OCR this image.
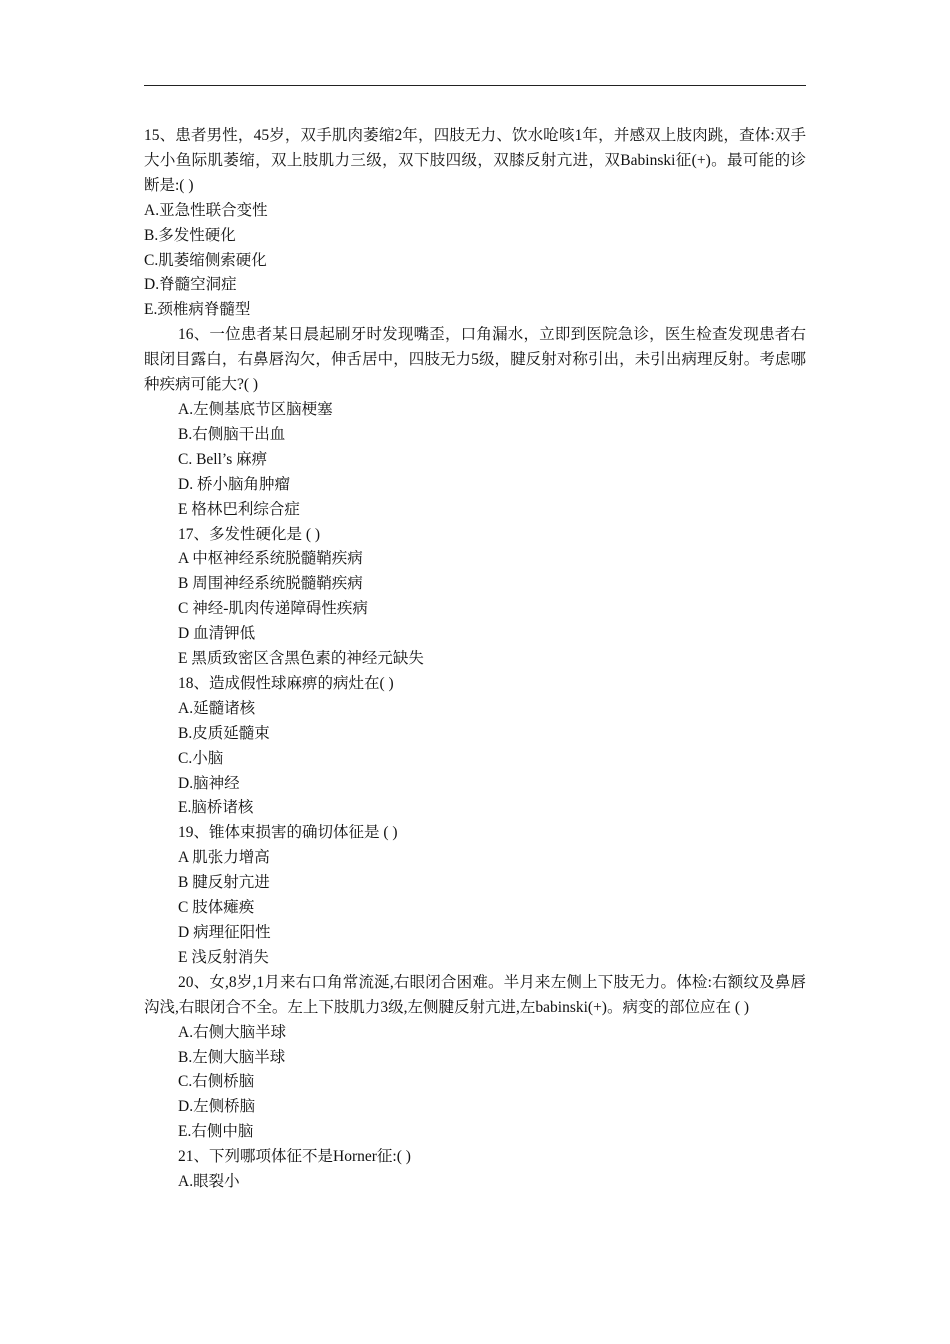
15、患者男性，45岁，双手肌肉萎缩2年，四肢无力、饮水呛咳1年，并感双上肢肉跳，查体:双手大小鱼际肌萎缩，双上肢肌力三级，双下肢四级，双膝反射亢进，双Babinski征(+)。最可能的诊断是:( )

A.亚急性联合变性

B.多发性硬化

C.肌萎缩侧索硬化

D.脊髓空洞症

E.颈椎病脊髓型

16、一位患者某日晨起刷牙时发现嘴歪，口角漏水，立即到医院急诊，医生检查发现患者右眼闭目露白，右鼻唇沟欠，伸舌居中，四肢无力5级，腱反射对称引出，未引出病理反射。考虑哪种疾病可能大?( )

A.左侧基底节区脑梗塞

B.右侧脑干出血

C. Bell’s 麻痹

D. 桥小脑角肿瘤

E 格林巴利综合症

17、多发性硬化是 ( )

A 中枢神经系统脱髓鞘疾病

B 周围神经系统脱髓鞘疾病

C 神经-肌肉传递障碍性疾病

D 血清钾低

E 黑质致密区含黑色素的神经元缺失

18、造成假性球麻痹的病灶在( )

A.延髓诸核

B.皮质延髓束

C.小脑

D.脑神经

E.脑桥诸核

19、锥体束损害的确切体征是 ( )

A 肌张力增高

B 腱反射亢进

C 肢体瘫痪

D 病理征阳性

E 浅反射消失

20、女,8岁,1月来右口角常流涎,右眼闭合困难。半月来左侧上下肢无力。体检:右额纹及鼻唇沟浅,右眼闭合不全。左上下肢肌力3级,左侧腱反射亢进,左babinski(+)。病变的部位应在 ( )

A.右侧大脑半球

B.左侧大脑半球

C.右侧桥脑

D.左侧桥脑

E.右侧中脑

21、下列哪项体征不是Horner征:( )

A.眼裂小
